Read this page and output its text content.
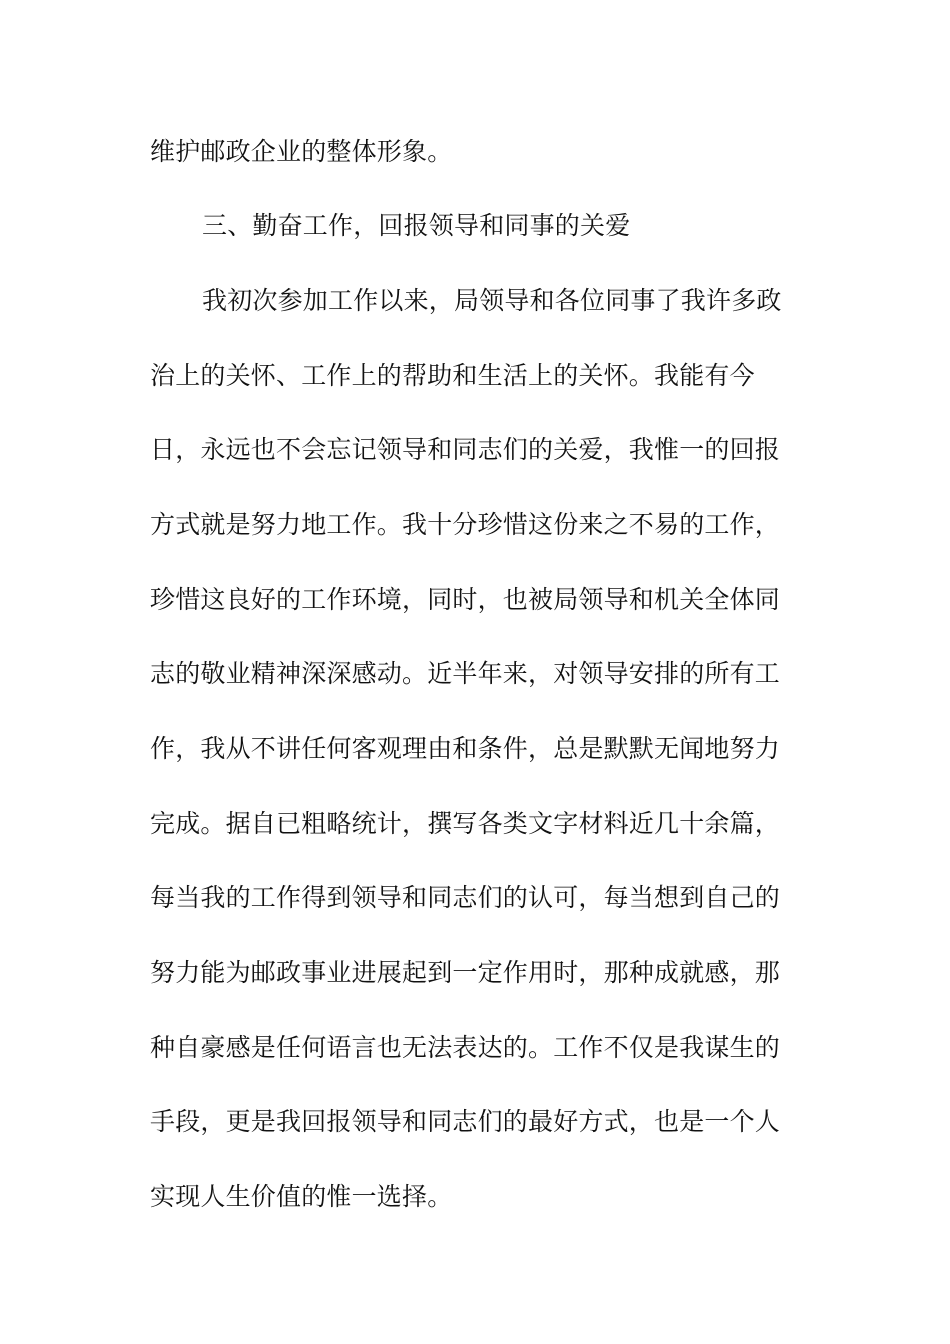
维护邮政企业的整体形象。
三、勤奋工作，回报领导和同事的关爱
我初次参加工作以来，局领导和各位同事了我许多政
治上的关怀、工作上的帮助和生活上的关怀。我能有今
日，永远也不会忘记领导和同志们的关爱，我惟一的回报
方式就是努力地工作。我十分珍惜这份来之不易的工作，
珍惜这良好的工作环境，同时，也被局领导和机关全体同
志的敬业精神深深感动。近半年来，对领导安排的所有工
作，我从不讲任何客观理由和条件，总是默默无闻地努力
完成。据自已粗略统计，撰写各类文字材料近几十余篇，
每当我的工作得到领导和同志们的认可，每当想到自己的
努力能为邮政事业进展起到一定作用时，那种成就感，那
种自豪感是任何语言也无法表达的。工作不仅是我谋生的
手段，更是我回报领导和同志们的最好方式，也是一个人
实现人生价值的惟一选择。
